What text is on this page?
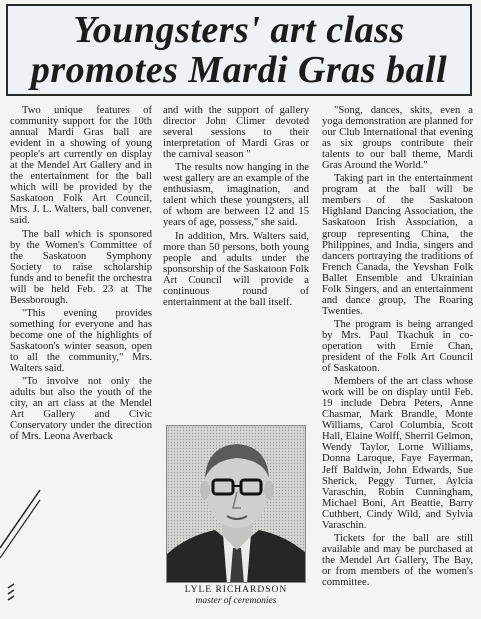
Youngsters' art class
promotes Mardi Gras ball

Two unique features of community support for the 10th annual Mardi Gras ball are evident in a showing of young people's art currently on display at the Mendel Art Gallery and in the entertainment for the ball which will be provided by the Saskatoon Folk Art Council, Mrs. J. L. Walters, ball convener, said.

The ball which is sponsored by the Women's Committee of the Saskatoon Symphony Society to raise scholarship funds and to benefit the orchestra will be held Feb. 23 at The Bessborough.

"This evening provides something for everyone and has become one of the highlights of Saskatoon's winter season, open to all the community," Mrs. Walters said.

"To involve not only the adults but also the youth of the city, an art class at the Mendel Art Gallery and Civic Conservatory under the direction of Mrs. Leona Averback

and with the support of gallery director John Climer devoted several sessions to their interpretation of Mardi Gras or the carnival season "

The results now hanging in the west gallery are an example of the enthusiasm, imagination, and talent which these youngsters, all of whom are between 12 and 15 years of age, possess," she said.

In addition, Mrs. Walters said, more than 50 persons, both young people and adults under the sponsorship of the Saskatoon Folk Art Council will provide a continuous round of entertainment at the ball itself.

"Song, dances, skits, even a yoga demonstration are planned for our Club International that evening as six groups contribute their talents to our ball theme, Mardi Gras Around the World."

Taking part in the entertainment program at the ball will be members of the Saskatoon Highland Dancing Association, the Saskatoon Irish Association, a group representing China, the Philippines, and India, singers and dancers portraying the traditions of French Canada, the Yevshan Folk Ballet Ensemble and Ukrainian Folk Singers, and an entertainment and dance group, The Roaring Twenties.

The program is being arranged by Mrs. Paul Tkachuk in co-operation with Ernie Chan, president of the Folk Art Council of Saskatoon.

Members of the art class whose work will be on display until Feb. 19 include Debra Peters, Anne Chasmar, Mark Brandle, Monte Williams, Carol Columbia, Scott Hall, Elaine Wolff, Sherril Gelmon, Wendy Taylor, Lorne Williams, Donna Laroque, Faye Fayerman, Jeff Baldwin, John Edwards, Sue Sherick, Peggy Turner, Aylcia Varaschin, Robin Cunningham, Michael Boni, Art Beattie, Barry Cuthbert, Cindy Wild, and Sylvia Varaschin.

Tickets for the ball are still available and may be purchased at the Mendel Art Gallery, The Bay, or from members of the women's committee.

LYLE RICHARDSON
master of ceremonies
